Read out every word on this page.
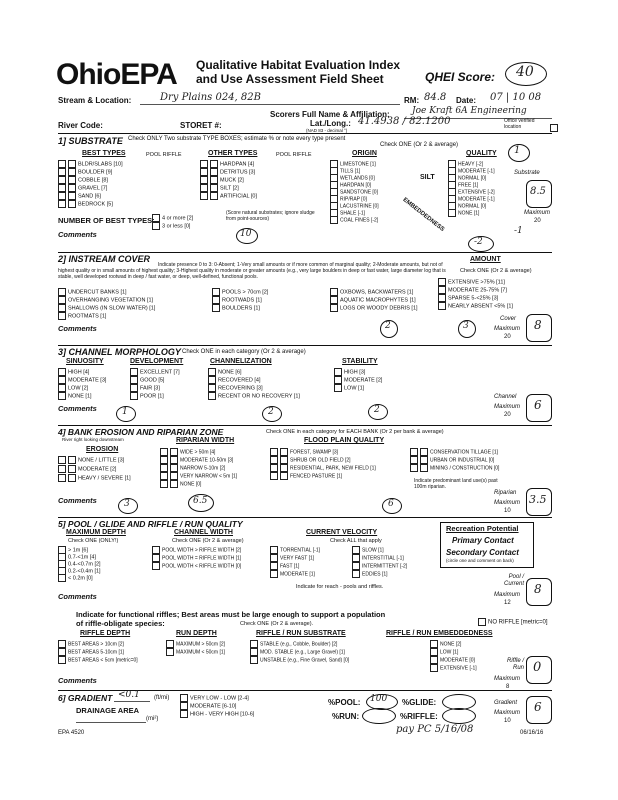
OhioEPA Qualitative Habitat Evaluation Index
and Use Assessment Field Sheet	QHEI Score: 40
Stream & Location:	Dry Plains 024, 82B	RM: 84.8 Date: 07 | 10 08
Scorers Full Name & Affiliation: Joe Kraft 6A Engineering
River Code:	STORET #:	Lat./Long.:
(NAD 83 - decimal °)
41.4938 / 82.1200	Office verified location
1] SUBSTRATE Check ONLY Two substrate TYPE BOXES; estimate % or note every type present
Check ONE (Or 2 & average)
BEST TYPES	POOL RIFFLE	OTHER TYPES	POOL RIFFLE	ORIGIN	QUALITY 1
BLDR/SLABS [10]
BOULDER [9]
COBBLE [8]
GRAVEL [7]
SAND [6]
BEDROCK [5]
HARDPAN [4]
DETRITUS [3]
MUCK [2]
SILT [2]
ARTIFICIAL [0]
LIMESTONE [1]
TILLS [1]
WETLANDS [0]
HARDPAN [0]
SANDSTONE [0]
RIP/RAP [0]
LACUSTRINE [0]
SHALE [-1]
COAL FINES [-2]
SILT
HEAVY [-2]
MODERATE [-1]
NORMAL [0]
FREE [1]
EXTENSIVE [-2]
MODERATE [-1]
NORMAL [0]
NONE [1]
EMBEDDEDNESS
NUMBER OF BEST TYPES:	4 or more [2]
3 or less [0]
(Score natural substrates; ignore sludge from point-sources)
Comments	10
-2
-1
Substrate
8.5
Maximum
20
2] INSTREAM COVER
Indicate presence 0 to 3: 0-Absent; 1-Very small amounts or if more common of marginal quality; 2-Moderate amounts, but not of highest quality or in small amounts of highest quality; 3-Highest quality in moderate or greater amounts (e.g., very large boulders in deep or fast water, large diameter log that is stable, well developed rootwad in deep / fast water, or deep, well-defined, functional pools.
AMOUNT
Check ONE (Or 2 & average)
UNDERCUT BANKS [1]
OVERHANGING VEGETATION [1]
SHALLOWS (IN SLOW WATER) [1]
ROOTMATS [1]
POOLS > 70cm [2]
ROOTWADS [1]
BOULDERS [1]
OXBOWS, BACKWATERS [1]
AQUATIC MACROPHYTES [1]
LOGS OR WOODY DEBRIS [1]
EXTENSIVE >75% [11]
MODERATE 25-75% [7]
SPARSE 5-<25% [3]
NEARLY ABSENT <5% [1]
Comments	2	3
Cover
Maximum
20
8
3] CHANNEL MORPHOLOGY Check ONE in each category (Or 2 & average)
SINUOSITY	DEVELOPMENT	CHANNELIZATION	STABILITY
HIGH [4]
MODERATE [3]
LOW [2]
NONE [1]
EXCELLENT [7]
GOOD [5]
FAIR [3]
POOR [1]
NONE [6]
RECOVERED [4]
RECOVERING [3]
RECENT OR NO RECOVERY [1]
HIGH [3]
MODERATE [2]
LOW [1]
Comments	1	2	2
Channel
Maximum
20
6
4] BANK EROSION AND RIPARIAN ZONE	Check ONE in each category for EACH BANK (Or 2 per bank & average)
River right looking downstream	RIPARIAN WIDTH	FLOOD PLAIN QUALITY
EROSION
NONE / LITTLE [3]
MODERATE [2]
HEAVY / SEVERE [1]
WIDE > 50m [4]
MODERATE 10-50m [3]
NARROW 5-10m [2]
VERY NARROW < 5m [1]
NONE [0]
FOREST, SWAMP [3]
SHRUB OR OLD FIELD [2]
RESIDENTIAL, PARK, NEW FIELD [1]
FENCED PASTURE [1]
CONSERVATION TILLAGE [1]
URBAN OR INDUSTRIAL [0]
MINING / CONSTRUCTION [0]
Indicate predominant land use(s) past 100m riparian.
Comments	3	6.5	6
Riparian
Maximum
10
3.5
5] POOL / GLIDE AND RIFFLE / RUN QUALITY
MAXIMUM DEPTH	CHANNEL WIDTH	CURRENT VELOCITY
Check ONE (ONLY!)	Check ONE (Or 2 & average)	Check ALL that apply
> 1m [6]
0.7-<1m [4]
0.4-<0.7m [2]
0.2-<0.4m [1]
< 0.2m [0]
POOL WIDTH > RIFFLE WIDTH [2]
POOL WIDTH = RIFFLE WIDTH [1]
POOL WIDTH < RIFFLE WIDTH [0]
TORRENTIAL [-1]
VERY FAST [1]
FAST [1]
MODERATE [1]
SLOW [1]
INTERSTITIAL [-1]
INTERMITTENT [-2]
EDDIES [1]
Indicate for reach - pools and riffles.
Recreation Potential
Primary Contact
Secondary Contact
(circle one and comment on back)
Comments
Pool / Current
Maximum
12
8
Indicate for functional riffles; Best areas must be large enough to support a population
of riffle-obligate species:	Check ONE (Or 2 & average).	NO RIFFLE [metric=0]
RIFFLE DEPTH	RUN DEPTH	RIFFLE / RUN SUBSTRATE	RIFFLE / RUN EMBEDDEDNESS
BEST AREAS > 10cm [2]
BEST AREAS 5-10cm [1]
BEST AREAS < 5cm [metric=0]
MAXIMUM > 50cm [2]
MAXIMUM < 50cm [1]
STABLE (e.g., Cobble, Boulder) [2]
MOD. STABLE (e.g., Large Gravel) [1]
UNSTABLE (e.g., Fine Gravel, Sand) [0]
NONE [2]
LOW [1]
MODERATE [0]
EXTENSIVE [-1]
Comments
Riffle / Run
Maximum
8
0
6] GRADIENT <0.1 (ft/mi)
DRAINAGE AREA
(mi²)
VERY LOW - LOW [2-4]
MODERATE [6-10]
HIGH - VERY HIGH [10-6]
%POOL: 100 %GLIDE:
%RUN:	%RIFFLE:
Gradient
Maximum
10
6
EPA 4520	pay PC 5/16/08	06/16/16
